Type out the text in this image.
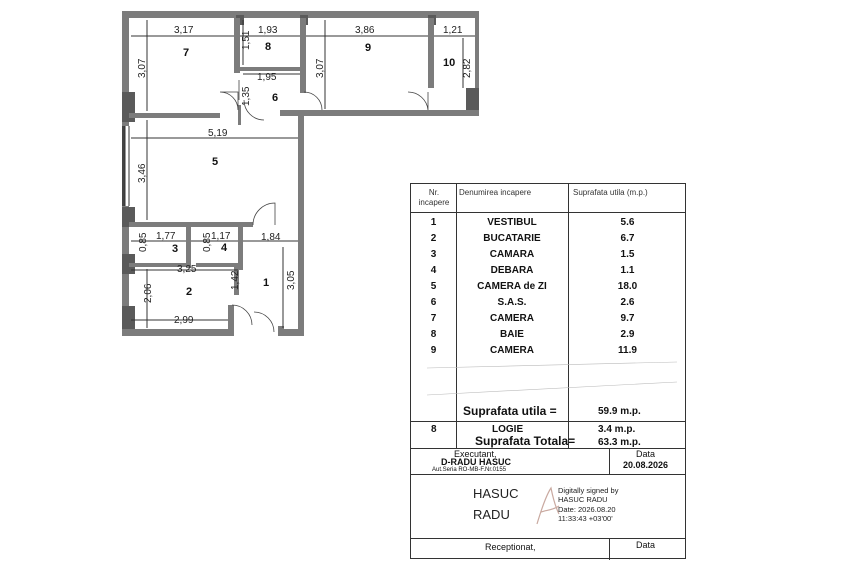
3,17	1,93	3,86	1,21
3,07
1,51
3,07	2,82
1,95
1,35
5,19
3,46
1,77
0,85	1,17
0,85	1,84
3,25
1,42	3,05
2,06
2,99
7	8	9
10
6
5
3	4
1
2
Nr. incapere
Denumirea incapere	Suprafata utila (m.p.)
1	VESTIBUL	5.6
2	BUCATARIE	6.7
3	CAMARA	1.5
4	DEBARA	1.1
5	CAMERA de ZI	18.0
6	S.A.S.	2.6
7	CAMERA	9.7
8	BAIE	2.9
9	CAMERA	11.9
Suprafata utila =	59.9 m.p.
8	LOGIE	3.4 m.p.
Suprafata Totala= 63.3 m.p.
Executant,
D-RADU HASUC
Aut.Seria RO-MB-F.Nr.0155
Data
20.08.2026
HASUC
RADU
Digitally signed by
HASUC RADU
Date: 2026.08.20
11:33:43 +03'00'
Receptionat,	Data
